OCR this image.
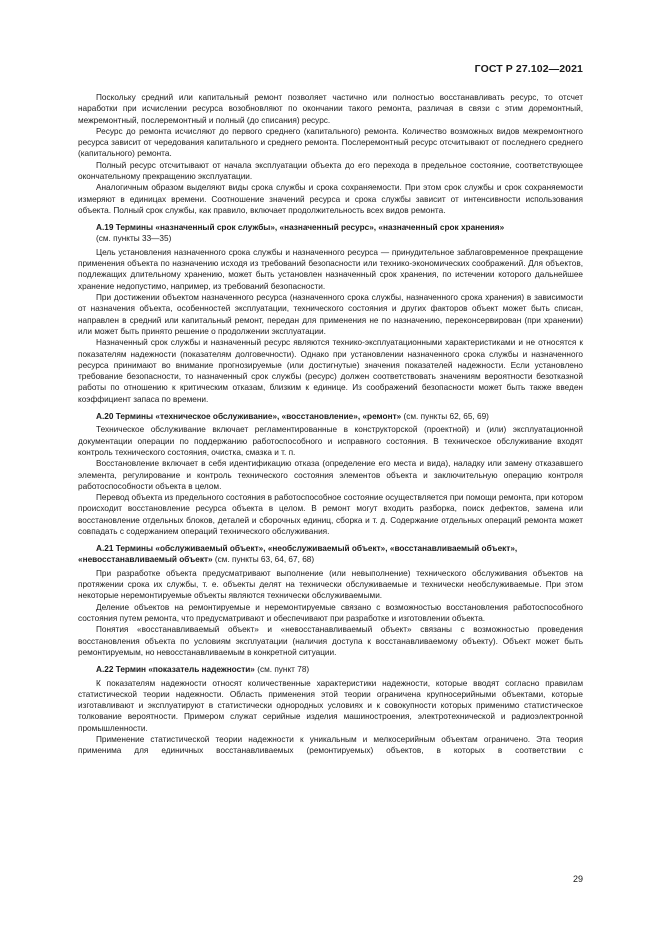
ГОСТ Р 27.102—2021

Поскольку средний или капитальный ремонт позволяет частично или полностью восстанавливать ресурс, то отсчет наработки при исчислении ресурса возобновляют по окончании такого ремонта, различая в связи с этим доремонтный, межремонтный, послеремонтный и полный (до списания) ресурс.

Ресурс до ремонта исчисляют до первого среднего (капитального) ремонта. Количество возможных видов межремонтного ресурса зависит от чередования капитального и среднего ремонта. Послеремонтный ресурс отсчитывают от последнего среднего (капитального) ремонта.

Полный ресурс отсчитывают от начала эксплуатации объекта до его перехода в предельное состояние, соответствующее окончательному прекращению эксплуатации.

Аналогичным образом выделяют виды срока службы и срока сохраняемости. При этом срок службы и срок сохраняемости измеряют в единицах времени. Соотношение значений ресурса и срока службы зависит от интенсивности использования объекта. Полный срок службы, как правило, включает продолжительность всех видов ремонта.

А.19 Термины «назначенный срок службы», «назначенный ресурс», «назначенный срок хранения»
(см. пункты 33—35)

Цель установления назначенного срока службы и назначенного ресурса — принудительное заблаговременное прекращение применения объекта по назначению исходя из требований безопасности или технико-экономических соображений. Для объектов, подлежащих длительному хранению, может быть установлен назначенный срок хранения, по истечении которого дальнейшее хранение недопустимо, например, из требований безопасности.

При достижении объектом назначенного ресурса (назначенного срока службы, назначенного срока хранения) в зависимости от назначения объекта, особенностей эксплуатации, технического состояния и других факторов объект может быть списан, направлен в средний или капитальный ремонт, передан для применения не по назначению, переконсервирован (при хранении) или может быть принято решение о продолжении эксплуатации.

Назначенный срок службы и назначенный ресурс являются технико-эксплуатационными характеристиками и не относятся к показателям надежности (показателям долговечности). Однако при установлении назначенного срока службы и назначенного ресурса принимают во внимание прогнозируемые (или достигнутые) значения показателей надежности. Если установлено требование безопасности, то назначенный срок службы (ресурс) должен соответствовать значениям вероятности безотказной работы по отношению к критическим отказам, близким к единице. Из соображений безопасности может быть также введен коэффициент запаса по времени.

А.20 Термины «техническое обслуживание», «восстановление», «ремонт» (см. пункты 62, 65, 69)

Техническое обслуживание включает регламентированные в конструкторской (проектной) и (или) эксплуатационной документации операции по поддержанию работоспособного и исправного состояния. В техническое обслуживание входят контроль технического состояния, очистка, смазка и т. п.

Восстановление включает в себя идентификацию отказа (определение его места и вида), наладку или замену отказавшего элемента, регулирование и контроль технического состояния элементов объекта и заключительную операцию контроля работоспособности объекта в целом.

Перевод объекта из предельного состояния в работоспособное состояние осуществляется при помощи ремонта, при котором происходит восстановление ресурса объекта в целом. В ремонт могут входить разборка, поиск дефектов, замена или восстановление отдельных блоков, деталей и сборочных единиц, сборка и т. д. Содержание отдельных операций ремонта может совпадать с содержанием операций технического обслуживания.

А.21 Термины «обслуживаемый объект», «необслуживаемый объект», «восстанавливаемый объект», «невосстанавливаемый объект» (см. пункты 63, 64, 67, 68)

При разработке объекта предусматривают выполнение (или невыполнение) технического обслуживания объектов на протяжении срока их службы, т. е. объекты делят на технически обслуживаемые и технически необслуживаемые. При этом некоторые неремонтируемые объекты являются технически обслуживаемыми.

Деление объектов на ремонтируемые и неремонтируемые связано с возможностью восстановления работоспособного состояния путем ремонта, что предусматривают и обеспечивают при разработке и изготовлении объекта.

Понятия «восстанавливаемый объект» и «невосстанавливаемый объект» связаны с возможностью проведения восстановления объекта по условиям эксплуатации (наличия доступа к восстанавливаемому объекту). Объект может быть ремонтируемым, но невосстанавливаемым в конкретной ситуации.

А.22 Термин «показатель надежности» (см. пункт 78)

К показателям надежности относят количественные характеристики надежности, которые вводят согласно правилам статистической теории надежности. Область применения этой теории ограничена крупносерийными объектами, которые изготавливают и эксплуатируют в статистически однородных условиях и к совокупности которых применимо статистическое толкование вероятности. Примером служат серийные изделия машиностроения, электротехнической и радиоэлектронной промышленности.

Применение статистической теории надежности к уникальным и мелкосерийным объектам ограничено. Эта теория применима для единичных восстанавливаемых (ремонтируемых) объектов, в которых в соответствии с

29
